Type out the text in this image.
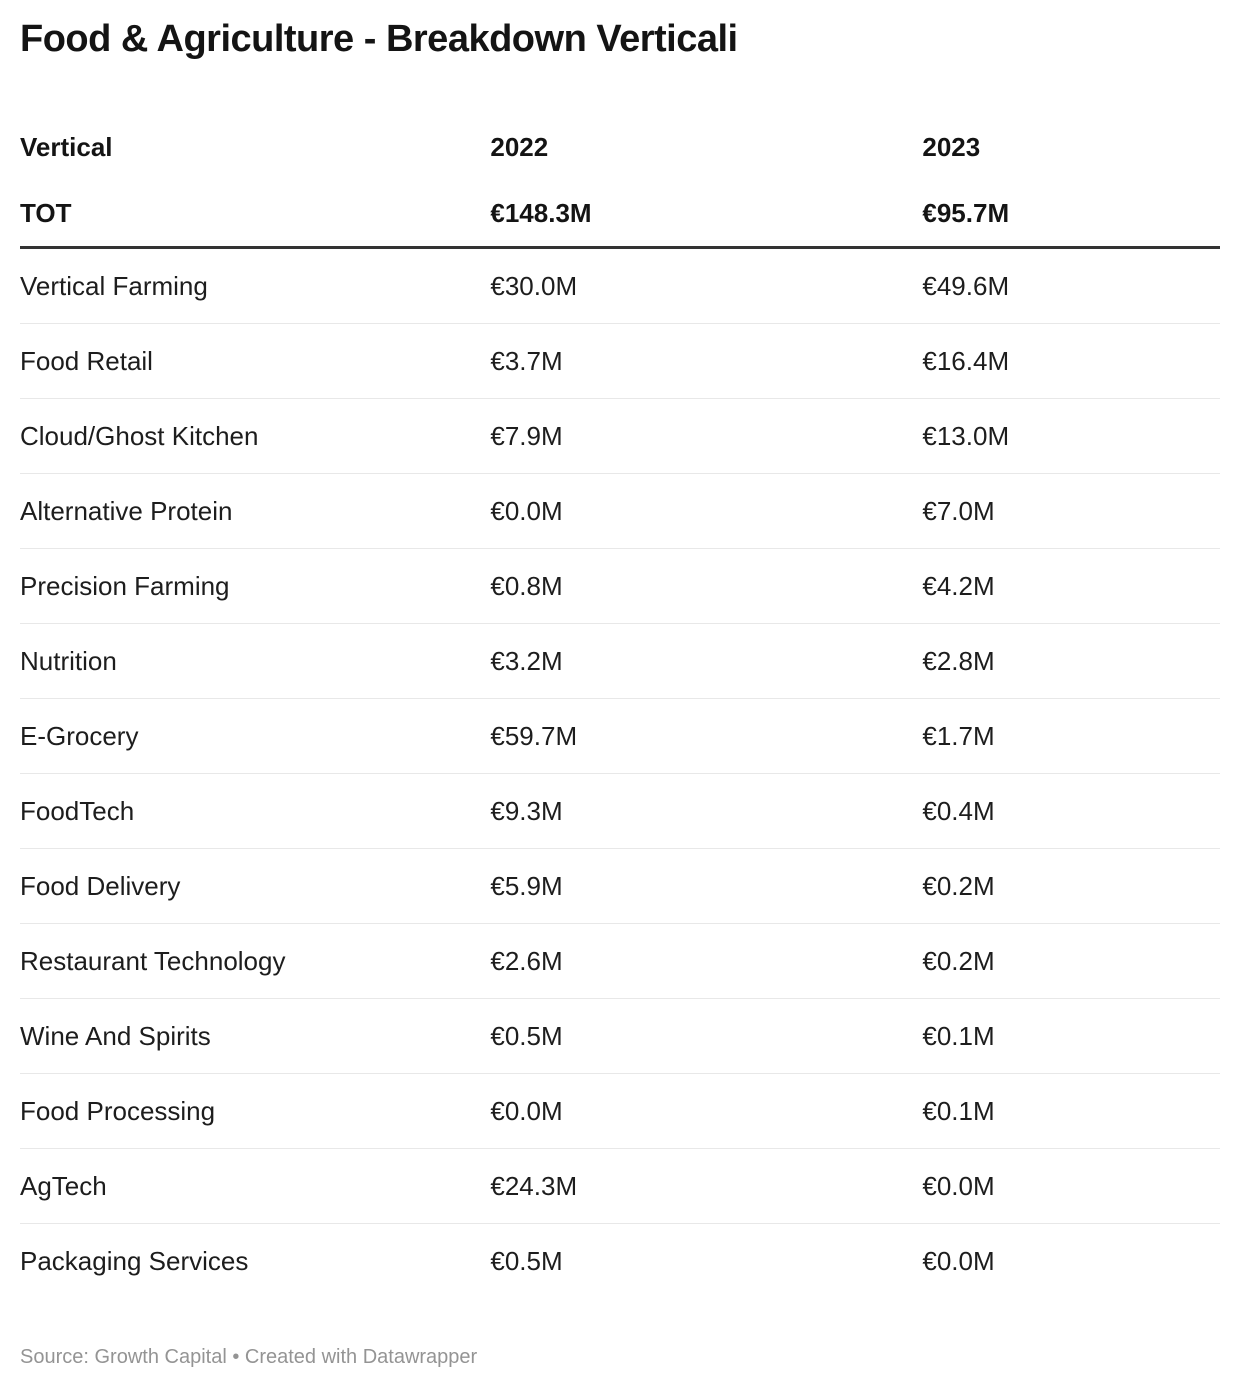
Food & Agriculture - Breakdown Verticali
Vertical	2022	2023
TOT	€148.3M	€95.7M
Vertical Farming	€30.0M	€49.6M
Food Retail	€3.7M	€16.4M
Cloud/Ghost Kitchen	€7.9M	€13.0M
Alternative Protein	€0.0M	€7.0M
Precision Farming	€0.8M	€4.2M
Nutrition	€3.2M	€2.8M
E-Grocery	€59.7M	€1.7M
FoodTech	€9.3M	€0.4M
Food Delivery	€5.9M	€0.2M
Restaurant Technology	€2.6M	€0.2M
Wine And Spirits	€0.5M	€0.1M
Food Processing	€0.0M	€0.1M
AgTech	€24.3M	€0.0M
Packaging Services	€0.5M	€0.0M
Source: Growth Capital • Created with Datawrapper
